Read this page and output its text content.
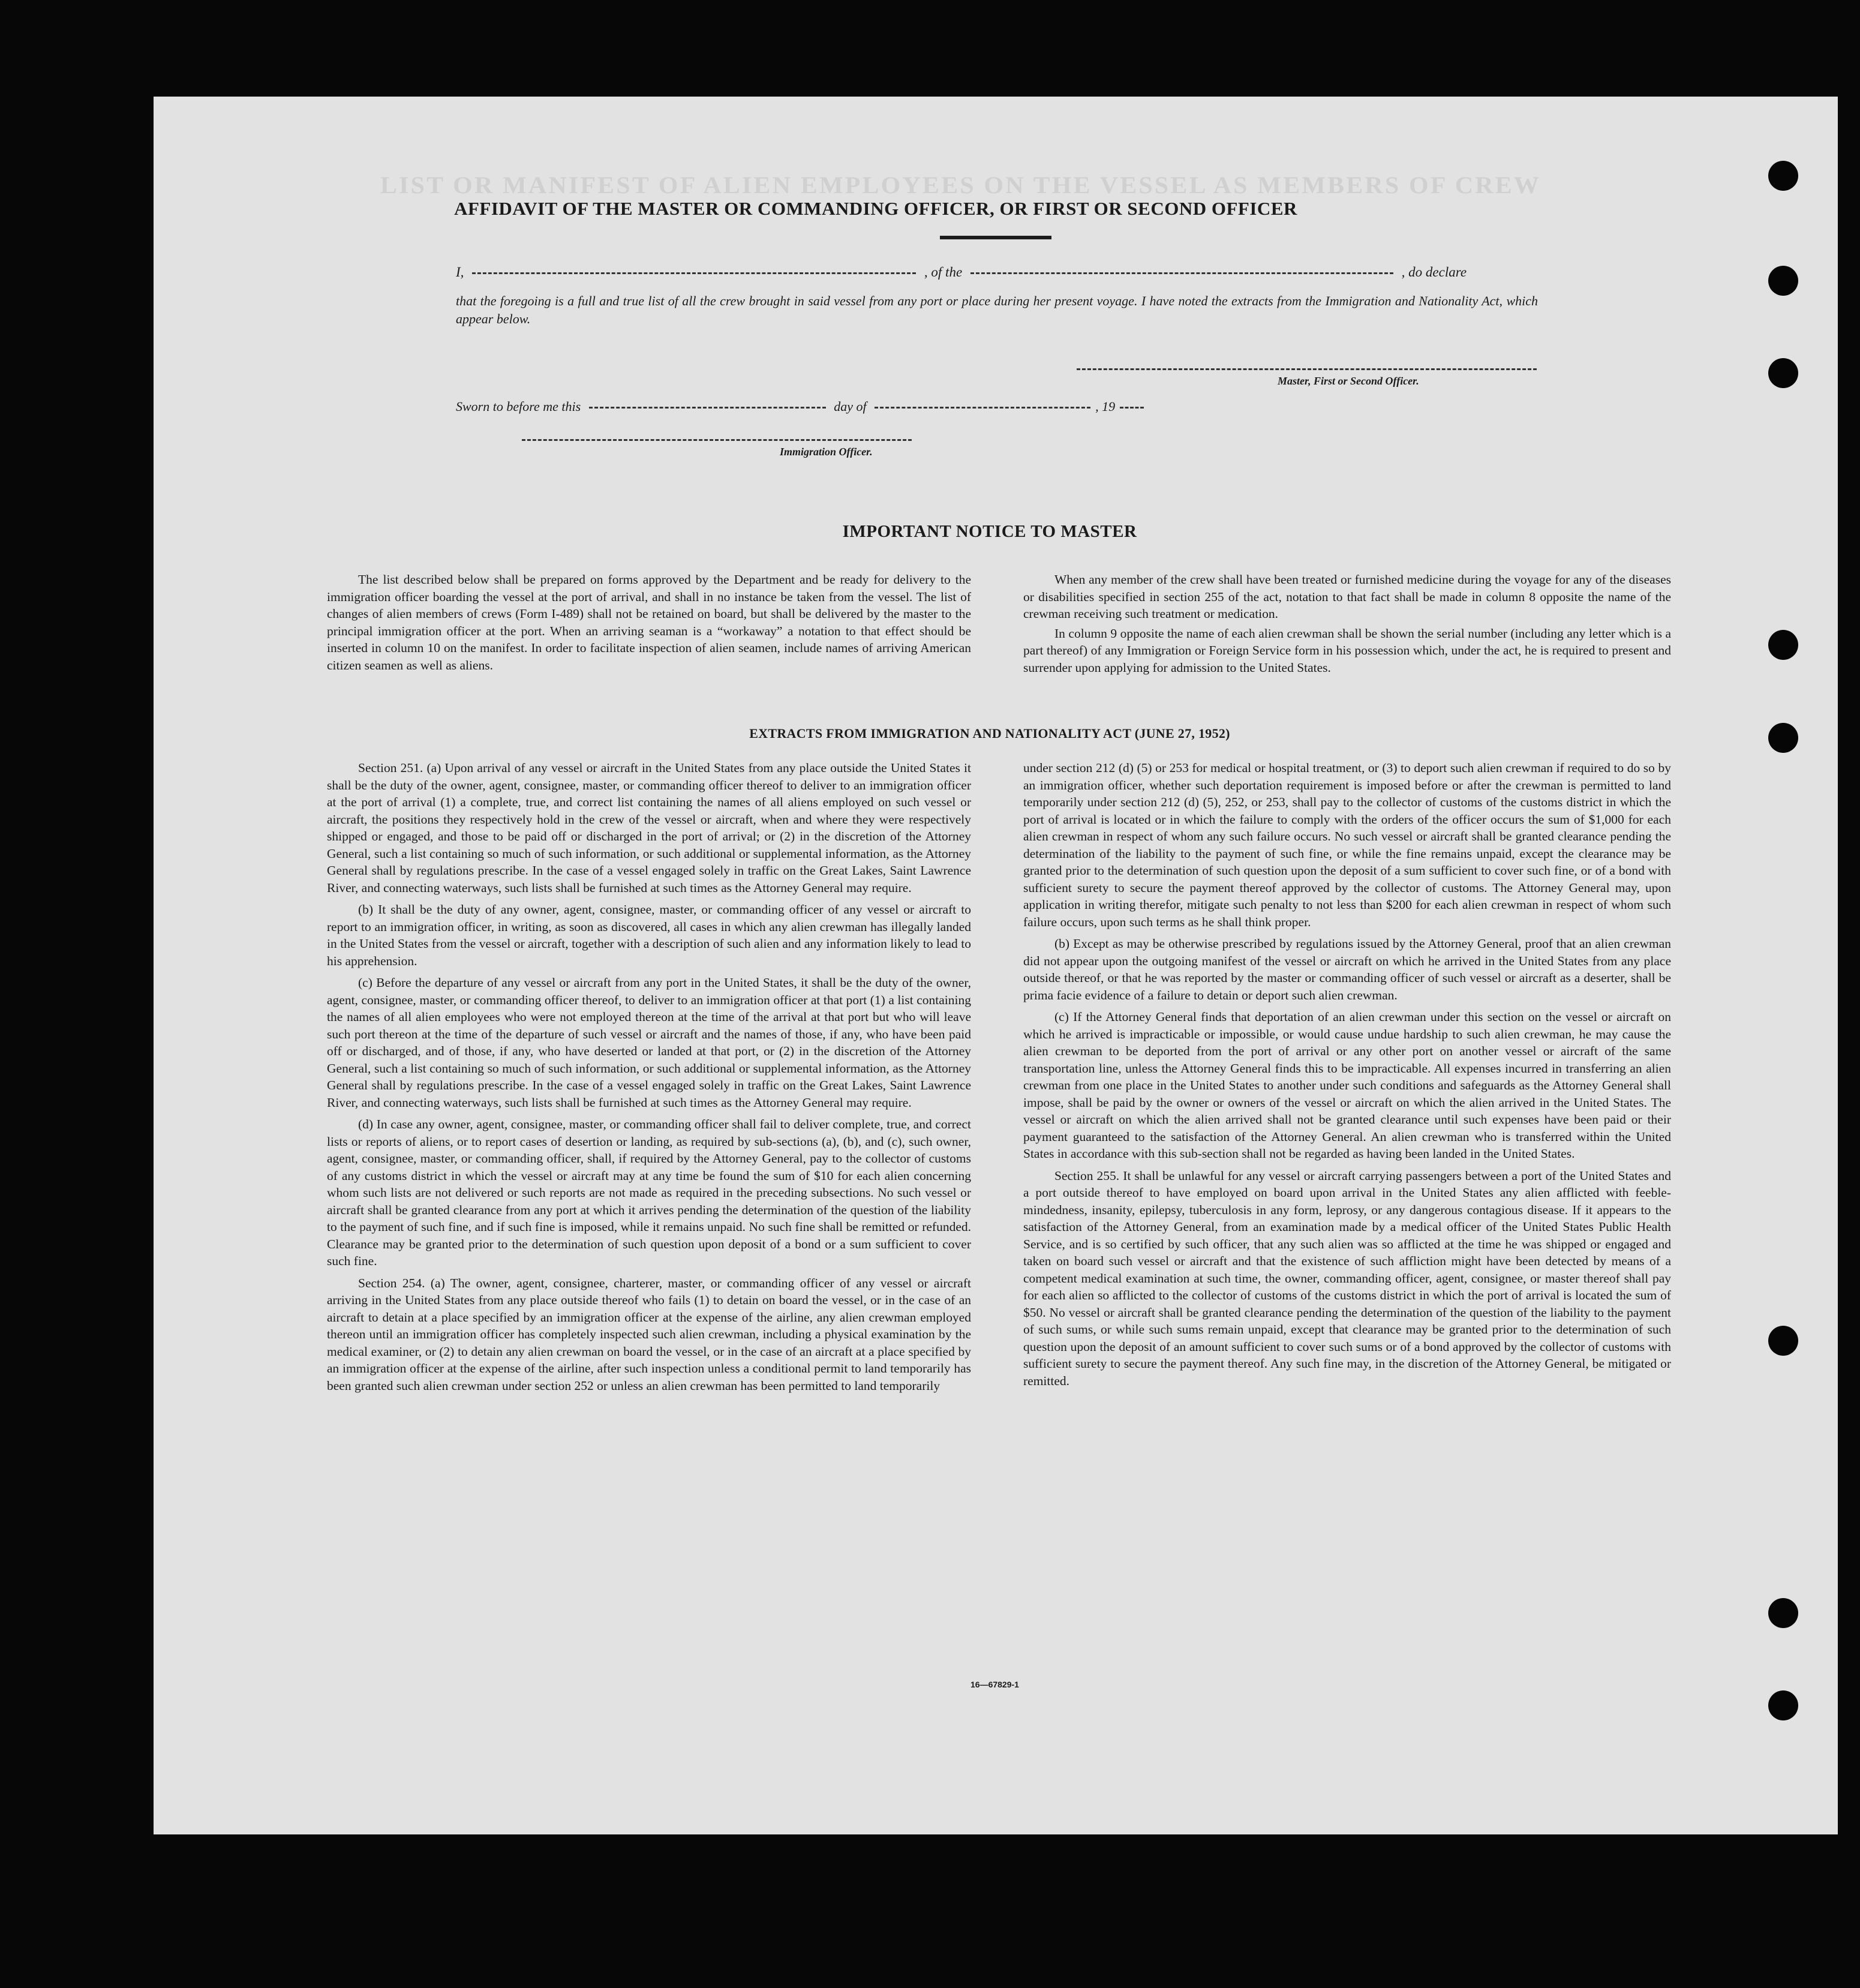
LIST OR MANIFEST OF ALIEN EMPLOYEES ON THE VESSEL AS MEMBERS OF CREW
AFFIDAVIT OF THE MASTER OR COMMANDING OFFICER, OR FIRST OR SECOND OFFICER
I,	, of the	, do declare
that the foregoing is a full and true list of all the crew brought in said vessel from any port or place during her present voyage. I have noted the extracts from the Immigration and Nationality Act, which appear below.
Master, First or Second Officer.
Sworn to before me this	day of	, 19
Immigration Officer.
IMPORTANT NOTICE TO MASTER

The list described below shall be prepared on forms approved by the Department and be ready for delivery to the immigration officer boarding the vessel at the port of arrival, and shall in no instance be taken from the vessel. The list of changes of alien members of crews (Form I-489) shall not be retained on board, but shall be delivered by the master to the principal immigration officer at the port. When an arriving seaman is a “workaway” a notation to that effect should be inserted in column 10 on the manifest. In order to facilitate inspection of alien seamen, include names of arriving American citizen seamen as well as aliens.

When any member of the crew shall have been treated or furnished medicine during the voyage for any of the diseases or disabilities specified in section 255 of the act, notation to that fact shall be made in column 8 opposite the name of the crewman receiving such treatment or medication.

In column 9 opposite the name of each alien crewman shall be shown the serial number (including any letter which is a part thereof) of any Immigration or Foreign Service form in his possession which, under the act, he is required to present and surrender upon applying for admission to the United States.

EXTRACTS FROM IMMIGRATION AND NATIONALITY ACT (JUNE 27, 1952)

Section 251. (a) Upon arrival of any vessel or aircraft in the United States from any place outside the United States it shall be the duty of the owner, agent, consignee, master, or commanding officer thereof to deliver to an immigration officer at the port of arrival (1) a complete, true, and correct list containing the names of all aliens employed on such vessel or aircraft, the positions they respectively hold in the crew of the vessel or aircraft, when and where they were respectively shipped or engaged, and those to be paid off or discharged in the port of arrival; or (2) in the discretion of the Attorney General, such a list containing so much of such information, or such additional or supplemental information, as the Attorney General shall by regulations prescribe. In the case of a vessel engaged solely in traffic on the Great Lakes, Saint Lawrence River, and connecting waterways, such lists shall be furnished at such times as the Attorney General may require.

(b) It shall be the duty of any owner, agent, consignee, master, or commanding officer of any vessel or aircraft to report to an immigration officer, in writing, as soon as discovered, all cases in which any alien crewman has illegally landed in the United States from the vessel or aircraft, together with a description of such alien and any information likely to lead to his apprehension.

(c) Before the departure of any vessel or aircraft from any port in the United States, it shall be the duty of the owner, agent, consignee, master, or commanding officer thereof, to deliver to an immigration officer at that port (1) a list containing the names of all alien employees who were not employed thereon at the time of the arrival at that port but who will leave such port thereon at the time of the departure of such vessel or aircraft and the names of those, if any, who have been paid off or discharged, and of those, if any, who have deserted or landed at that port, or (2) in the discretion of the Attorney General, such a list containing so much of such information, or such additional or supplemental information, as the Attorney General shall by regulations prescribe. In the case of a vessel engaged solely in traffic on the Great Lakes, Saint Lawrence River, and connecting waterways, such lists shall be furnished at such times as the Attorney General may require.

(d) In case any owner, agent, consignee, master, or commanding officer shall fail to deliver complete, true, and correct lists or reports of aliens, or to report cases of desertion or landing, as required by sub-sections (a), (b), and (c), such owner, agent, consignee, master, or commanding officer, shall, if required by the Attorney General, pay to the collector of customs of any customs district in which the vessel or aircraft may at any time be found the sum of $10 for each alien concerning whom such lists are not delivered or such reports are not made as required in the preceding subsections. No such vessel or aircraft shall be granted clearance from any port at which it arrives pending the determination of the question of the liability to the payment of such fine, and if such fine is imposed, while it remains unpaid. No such fine shall be remitted or refunded. Clearance may be granted prior to the determination of such question upon deposit of a bond or a sum sufficient to cover such fine.

Section 254. (a) The owner, agent, consignee, charterer, master, or commanding officer of any vessel or aircraft arriving in the United States from any place outside thereof who fails (1) to detain on board the vessel, or in the case of an aircraft to detain at a place specified by an immigration officer at the expense of the airline, any alien crewman employed thereon until an immigration officer has completely inspected such alien crewman, including a physical examination by the medical examiner, or (2) to detain any alien crewman on board the vessel, or in the case of an aircraft at a place specified by an immigration officer at the expense of the airline, after such inspection unless a conditional permit to land temporarily has been granted such alien crewman under section 252 or unless an alien crewman has been permitted to land temporarily

under section 212 (d) (5) or 253 for medical or hospital treatment, or (3) to deport such alien crewman if required to do so by an immigration officer, whether such deportation requirement is imposed before or after the crewman is permitted to land temporarily under section 212 (d) (5), 252, or 253, shall pay to the collector of customs of the customs district in which the port of arrival is located or in which the failure to comply with the orders of the officer occurs the sum of $1,000 for each alien crewman in respect of whom any such failure occurs. No such vessel or aircraft shall be granted clearance pending the determination of the liability to the payment of such fine, or while the fine remains unpaid, except the clearance may be granted prior to the determination of such question upon the deposit of a sum sufficient to cover such fine, or of a bond with sufficient surety to secure the payment thereof approved by the collector of customs. The Attorney General may, upon application in writing therefor, mitigate such penalty to not less than $200 for each alien crewman in respect of whom such failure occurs, upon such terms as he shall think proper.

(b) Except as may be otherwise prescribed by regulations issued by the Attorney General, proof that an alien crewman did not appear upon the outgoing manifest of the vessel or aircraft on which he arrived in the United States from any place outside thereof, or that he was reported by the master or commanding officer of such vessel or aircraft as a deserter, shall be prima facie evidence of a failure to detain or deport such alien crewman.

(c) If the Attorney General finds that deportation of an alien crewman under this section on the vessel or aircraft on which he arrived is impracticable or impossible, or would cause undue hardship to such alien crewman, he may cause the alien crewman to be deported from the port of arrival or any other port on another vessel or aircraft of the same transportation line, unless the Attorney General finds this to be impracticable. All expenses incurred in transferring an alien crewman from one place in the United States to another under such conditions and safeguards as the Attorney General shall impose, shall be paid by the owner or owners of the vessel or aircraft on which the alien arrived in the United States. The vessel or aircraft on which the alien arrived shall not be granted clearance until such expenses have been paid or their payment guaranteed to the satisfaction of the Attorney General. An alien crewman who is transferred within the United States in accordance with this sub-section shall not be regarded as having been landed in the United States.

Section 255. It shall be unlawful for any vessel or aircraft carrying passengers between a port of the United States and a port outside thereof to have employed on board upon arrival in the United States any alien afflicted with feeble-mindedness, insanity, epilepsy, tuberculosis in any form, leprosy, or any dangerous contagious disease. If it appears to the satisfaction of the Attorney General, from an examination made by a medical officer of the United States Public Health Service, and is so certified by such officer, that any such alien was so afflicted at the time he was shipped or engaged and taken on board such vessel or aircraft and that the existence of such affliction might have been detected by means of a competent medical examination at such time, the owner, commanding officer, agent, consignee, or master thereof shall pay for each alien so afflicted to the collector of customs of the customs district in which the port of arrival is located the sum of $50. No vessel or aircraft shall be granted clearance pending the determination of the question of the liability to the payment of such sums, or while such sums remain unpaid, except that clearance may be granted prior to the determination of such question upon the deposit of an amount sufficient to cover such sums or of a bond approved by the collector of customs with sufficient surety to secure the payment thereof. Any such fine may, in the discretion of the Attorney General, be mitigated or remitted.

16—67829-1
